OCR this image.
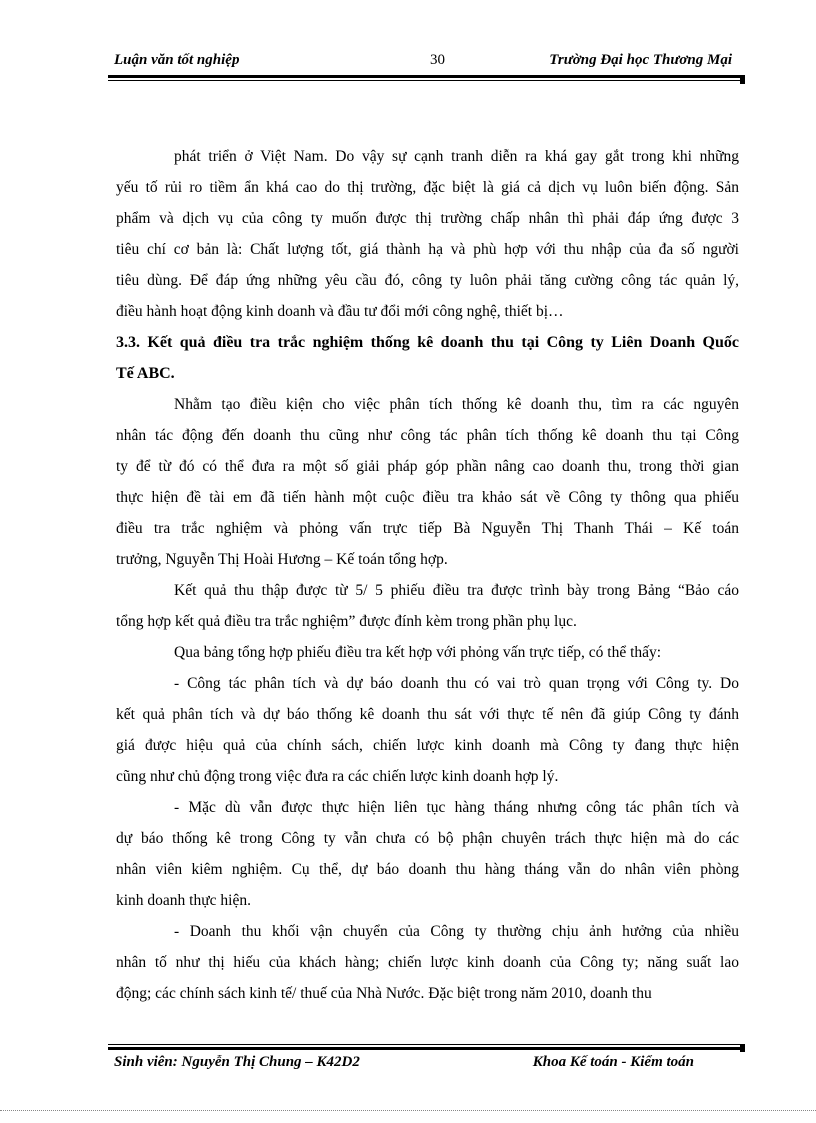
Luận văn tốt nghiệp	30	Trường Đại học Thương Mại
phát triển ở Việt Nam. Do vậy sự cạnh tranh diễn ra khá gay gắt trong khi những
yếu tố rủi ro tiềm ẩn khá cao do thị trường, đặc biệt là giá cả dịch vụ luôn biến động. Sản
phẩm và dịch vụ của công ty muốn được thị trường chấp nhân thì phải đáp ứng được 3
tiêu chí cơ bản là: Chất lượng tốt, giá thành hạ và phù hợp với thu nhập của đa số người
tiêu dùng. Để đáp ứng những yêu cầu đó, công ty luôn phải tăng cường công tác quản lý,
điều hành hoạt động kinh doanh và đầu tư đổi mới công nghệ, thiết bị…
3.3. Kết quả điều tra trắc nghiệm thống kê doanh thu tại Công ty Liên Doanh Quốc
Tế ABC.
Nhằm tạo điều kiện cho việc phân tích thống kê doanh thu, tìm ra các nguyên
nhân tác động đến doanh thu cũng như công tác phân tích thống kê doanh thu tại Công
ty để từ đó có thể đưa ra một số giải pháp góp phần nâng cao doanh thu, trong thời gian
thực hiện đề tài em đã tiến hành một cuộc điều tra khảo sát về Công ty thông qua phiếu
điều tra trắc nghiệm và phỏng vấn trực tiếp Bà Nguyễn Thị Thanh Thái – Kế toán
trưởng, Nguyễn Thị Hoài Hương – Kế toán tổng hợp.
Kết quả thu thập được từ 5/ 5 phiếu điều tra được trình bày trong Bảng “Bảo cáo
tổng hợp kết quả điều tra trắc nghiệm” được đính kèm trong phần phụ lục.
Qua bảng tổng hợp phiếu điều tra kết hợp với phỏng vấn trực tiếp, có thể thấy:
- Công tác phân tích và dự báo doanh thu có vai trò quan trọng với Công ty. Do
kết quả phân tích và dự báo thống kê doanh thu sát với thực tế nên đã giúp Công ty đánh
giá được hiệu quả của chính sách, chiến lược kinh doanh mà Công ty đang thực hiện
cũng như chủ động trong việc đưa ra các chiến lược kinh doanh hợp lý.
- Mặc dù vẫn được thực hiện liên tục hàng tháng nhưng công tác phân tích và
dự báo thống kê trong Công ty vẫn chưa có bộ phận chuyên trách thực hiện mà do các
nhân viên kiêm nghiệm. Cụ thể, dự báo doanh thu hàng tháng vẫn do nhân viên phòng
kinh doanh thực hiện.
- Doanh thu khối vận chuyển của Công ty thường chịu ảnh hưởng của nhiều
nhân tố như thị hiếu của khách hàng; chiến lược kinh doanh của Công ty; năng suất lao
động; các chính sách kinh tế/ thuế của Nhà Nước. Đặc biệt trong năm 2010, doanh thu
Sinh viên: Nguyễn Thị Chung – K42D2	Khoa Kế toán - Kiểm toán
